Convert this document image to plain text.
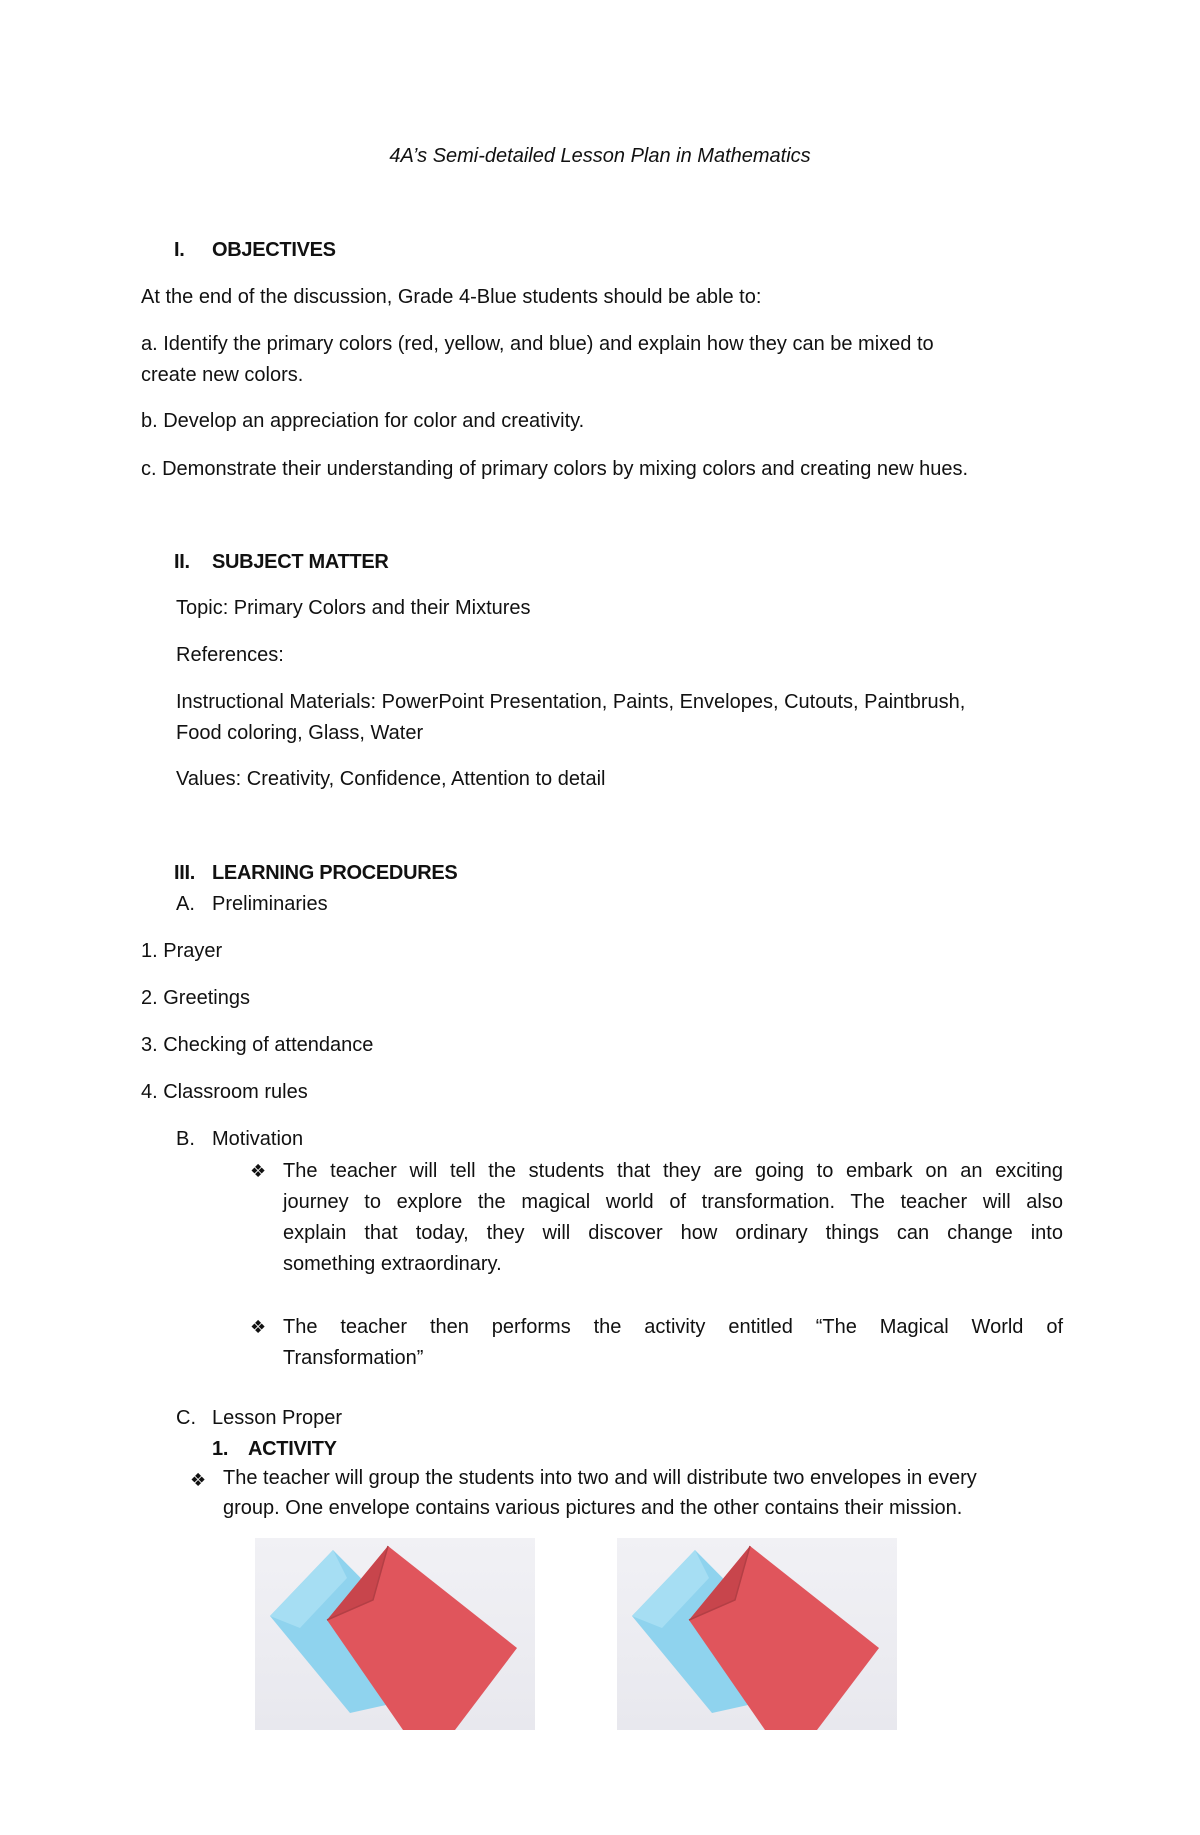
4A’s Semi-detailed Lesson Plan in Mathematics
I. OBJECTIVES
At the end of the discussion, Grade 4-Blue students should be able to:
a. Identify the primary colors (red, yellow, and blue) and explain how they can be mixed to
create new colors.
b. Develop an appreciation for color and creativity.
c. Demonstrate their understanding of primary colors by mixing colors and creating new hues.
II. SUBJECT MATTER
Topic: Primary Colors and their Mixtures
References:
Instructional Materials: PowerPoint Presentation, Paints, Envelopes, Cutouts, Paintbrush,
Food coloring, Glass, Water
Values: Creativity, Confidence, Attention to detail
III. LEARNING PROCEDURES
A. Preliminaries
1. Prayer
2. Greetings
3. Checking of attendance
4. Classroom rules
B. Motivation
❖ The teacher will tell the students that they are going to embark on an exciting
journey to explore the magical world of transformation. The teacher will also
explain that today, they will discover how ordinary things can change into
something extraordinary.
❖ The teacher then performs the activity entitled “The Magical World of
Transformation”
C. Lesson Proper
1. ACTIVITY
❖ The teacher will group the students into two and will distribute two envelopes in every
group. One envelope contains various pictures and the other contains their mission.
